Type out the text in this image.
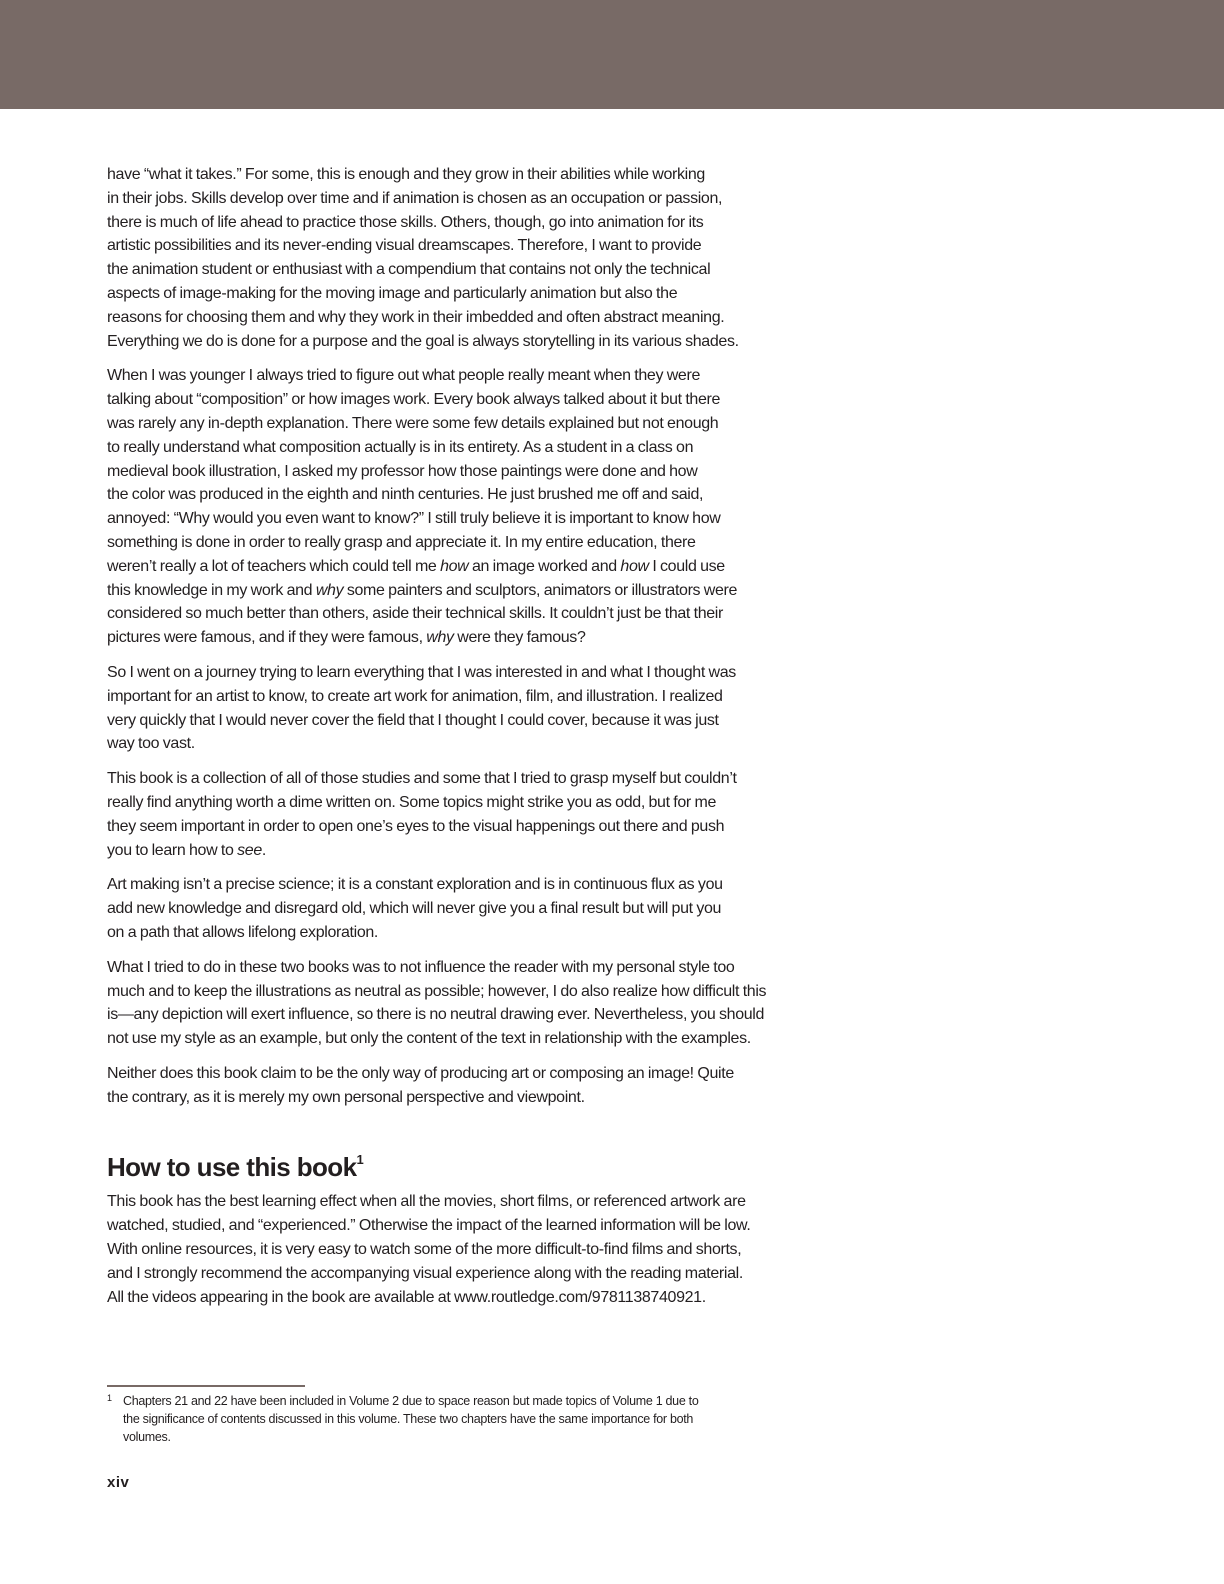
have “what it takes.” For some, this is enough and they grow in their abilities while working
in their jobs. Skills develop over time and if animation is chosen as an occupation or passion,
there is much of life ahead to practice those skills. Others, though, go into animation for its
artistic possibilities and its never-ending visual dreamscapes. Therefore, I want to provide
the animation student or enthusiast with a compendium that contains not only the technical
aspects of image-making for the moving image and particularly animation but also the
reasons for choosing them and why they work in their imbedded and often abstract meaning.
Everything we do is done for a purpose and the goal is always storytelling in its various shades.

When I was younger I always tried to figure out what people really meant when they were
talking about “composition” or how images work. Every book always talked about it but there
was rarely any in-depth explanation. There were some few details explained but not enough
to really understand what composition actually is in its entirety. As a student in a class on
medieval book illustration, I asked my professor how those paintings were done and how
the color was produced in the eighth and ninth centuries. He just brushed me off and said,
annoyed: “Why would you even want to know?” I still truly believe it is important to know how
something is done in order to really grasp and appreciate it. In my entire education, there
weren’t really a lot of teachers which could tell me how an image worked and how I could use
this knowledge in my work and why some painters and sculptors, animators or illustrators were
considered so much better than others, aside their technical skills. It couldn’t just be that their
pictures were famous, and if they were famous, why were they famous?

So I went on a journey trying to learn everything that I was interested in and what I thought was
important for an artist to know, to create art work for animation, film, and illustration. I realized
very quickly that I would never cover the field that I thought I could cover, because it was just
way too vast.

This book is a collection of all of those studies and some that I tried to grasp myself but couldn’t
really find anything worth a dime written on. Some topics might strike you as odd, but for me
they seem important in order to open one’s eyes to the visual happenings out there and push
you to learn how to see.

Art making isn’t a precise science; it is a constant exploration and is in continuous flux as you
add new knowledge and disregard old, which will never give you a final result but will put you
on a path that allows lifelong exploration.

What I tried to do in these two books was to not influence the reader with my personal style too
much and to keep the illustrations as neutral as possible; however, I do also realize how difficult this
is—any depiction will exert influence, so there is no neutral drawing ever. Nevertheless, you should
not use my style as an example, but only the content of the text in relationship with the examples.

Neither does this book claim to be the only way of producing art or composing an image! Quite
the contrary, as it is merely my own personal perspective and viewpoint.

How to use this book$^1$

This book has the best learning effect when all the movies, short films, or referenced artwork are
watched, studied, and “experienced.” Otherwise the impact of the learned information will be low.
With online resources, it is very easy to watch some of the more difficult-to-find films and shorts,
and I strongly recommend the accompanying visual experience along with the reading material.
All the videos appearing in the book are available at www.routledge.com/9781138740921.

1 Chapters 21 and 22 have been included in Volume 2 due to space reason but made topics of Volume 1 due to
the significance of contents discussed in this volume. These two chapters have the same importance for both
volumes.
xiv
